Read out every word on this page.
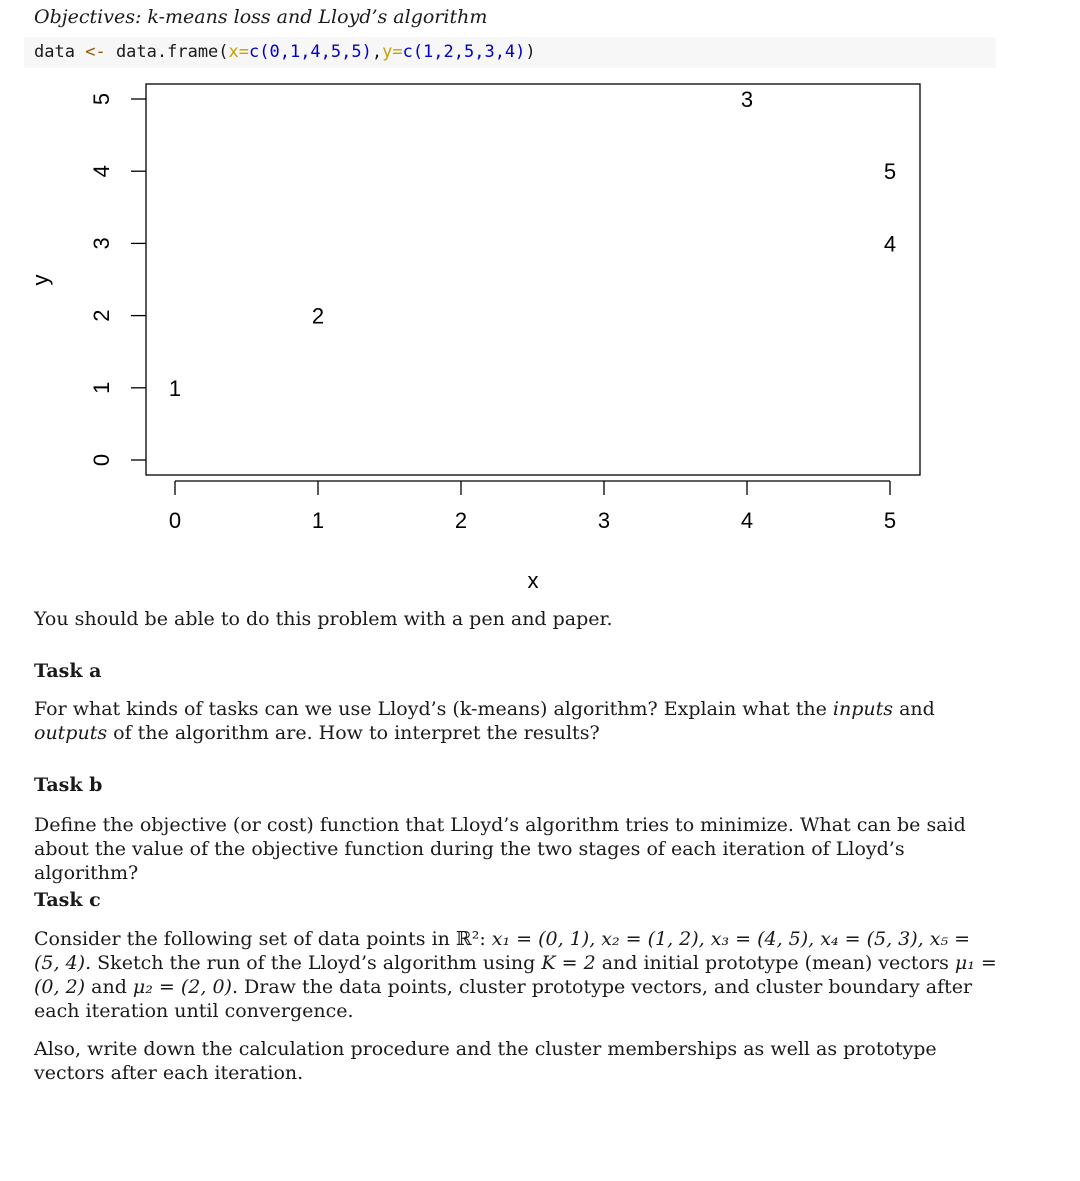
Objectives: k-means loss and Lloyd’s algorithm
data <- data.frame(x=c(0,1,4,5,5),y=c(1,2,5,3,4))
0	1	2	3	4	5
0
1
2
3
4
5
1
2
3
4
5
x
y
You should be able to do this problem with a pen and paper.
Task a
For what kinds of tasks can we use Lloyd’s (k-means) algorithm? Explain what the inputs and outputs of the algorithm are. How to interpret the results?
Task b
Define the objective (or cost) function that Lloyd’s algorithm tries to minimize. What can be said about the value of the objective function during the two stages of each iteration of Lloyd’s algorithm?
Task c
Consider the following set of data points in ℝ²: x₁ = (0, 1), x₂ = (1, 2), x₃ = (4, 5), x₄ = (5, 3), x₅ = (5, 4). Sketch the run of the Lloyd’s algorithm using K = 2 and initial prototype (mean) vectors μ₁ = (0, 2) and μ₂ = (2, 0). Draw the data points, cluster prototype vectors, and cluster boundary after each iteration until convergence.
Also, write down the calculation procedure and the cluster memberships as well as prototype vectors after each iteration.
